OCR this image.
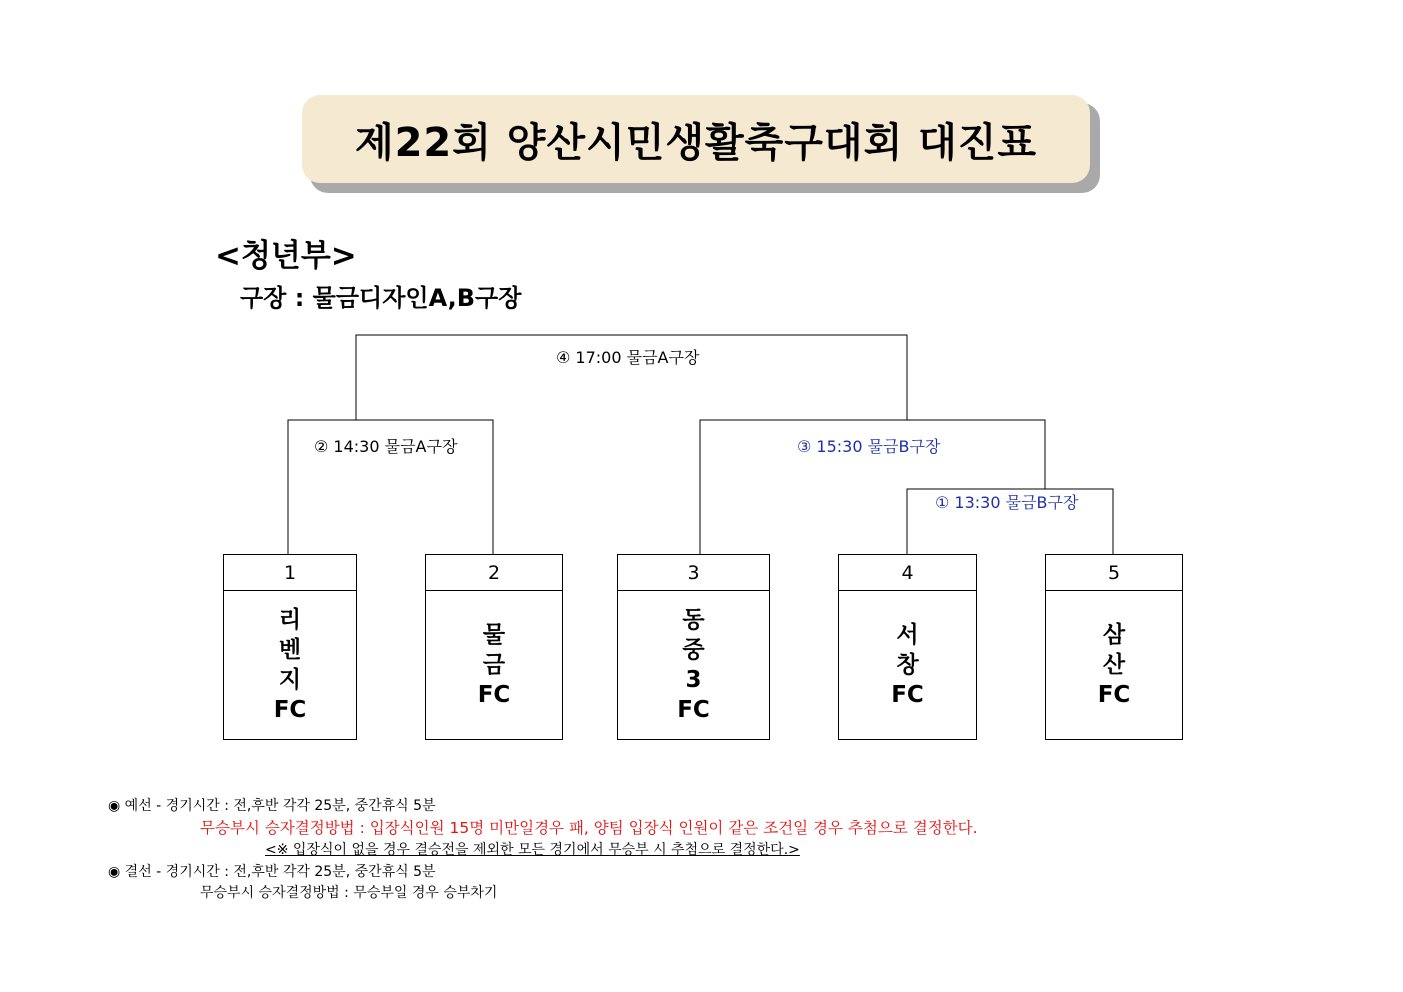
제22회 양산시민생활축구대회 대진표
<청년부>
구장 : 물금디자인A,B구장
④ 17:00 물금A구장
② 14:30 물금A구장	③ 15:30 물금B구장
① 13:30 물금B구장
1
리
벤
지
FC
2
물
금
FC
3
동
중
3
FC
4
서
창
FC
5
삼
산
FC
◉ 예선 - 경기시간 : 전,후반 각각 25분, 중간휴식 5분
무승부시 승자결정방법 : 입장식인원 15명 미만일경우 패, 양팀 입장식 인원이 같은 조건일 경우 추첨으로 결정한다.
<※ 입장식이 없을 경우 결승전을 제외한 모든 경기에서 무승부 시 추첨으로 결정한다.>
◉ 결선 - 경기시간 : 전,후반 각각 25분, 중간휴식 5분
무승부시 승자결정방법 : 무승부일 경우 승부차기
